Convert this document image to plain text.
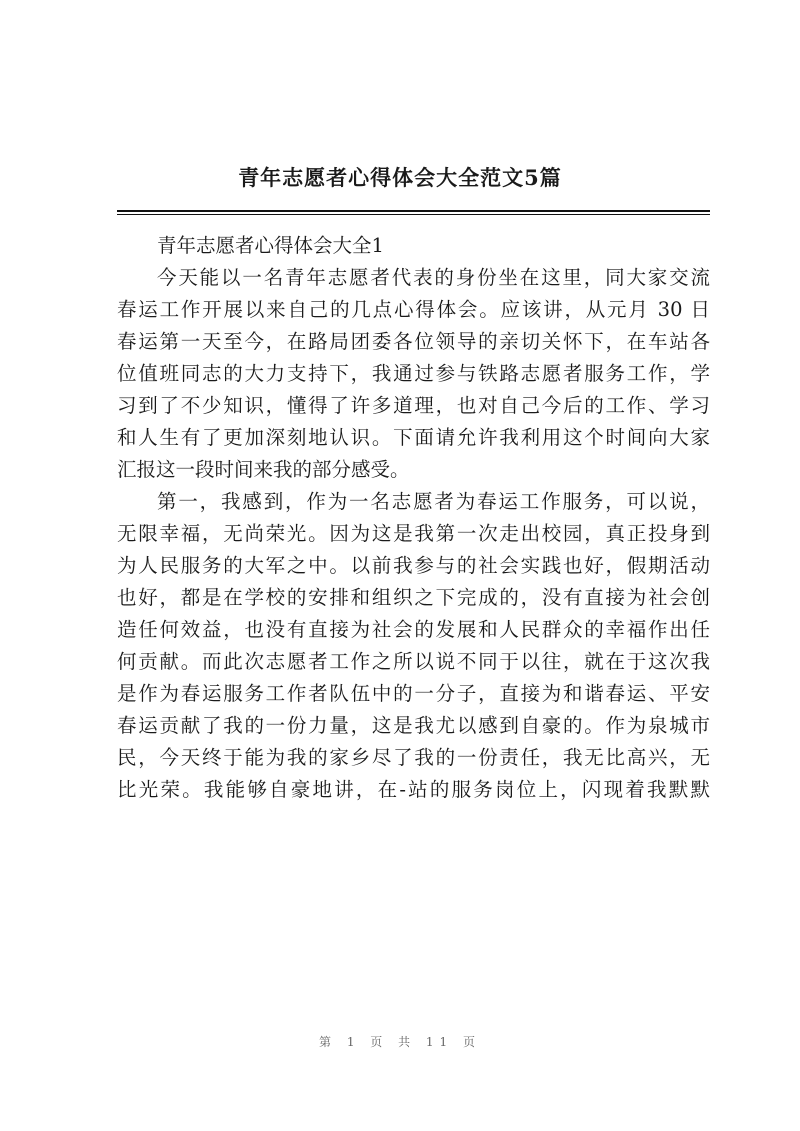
青年志愿者心得体会大全范文5篇
青年志愿者心得体会大全1
今天能以一名青年志愿者代表的身份坐在这里，同大家交流
春运工作开展以来自己的几点心得体会。应该讲，从元月 30 日
春运第一天至今，在路局团委各位领导的亲切关怀下，在车站各
位值班同志的大力支持下，我通过参与铁路志愿者服务工作，学
习到了不少知识，懂得了许多道理，也对自己今后的工作、学习
和人生有了更加深刻地认识。下面请允许我利用这个时间向大家
汇报这一段时间来我的部分感受。
第一，我感到，作为一名志愿者为春运工作服务，可以说，
无限幸福，无尚荣光。因为这是我第一次走出校园，真正投身到
为人民服务的大军之中。以前我参与的社会实践也好，假期活动
也好，都是在学校的安排和组织之下完成的，没有直接为社会创
造任何效益，也没有直接为社会的发展和人民群众的幸福作出任
何贡献。而此次志愿者工作之所以说不同于以往，就在于这次我
是作为春运服务工作者队伍中的一分子，直接为和谐春运、平安
春运贡献了我的一份力量，这是我尤以感到自豪的。作为泉城市
民，今天终于能为我的家乡尽了我的一份责任，我无比高兴，无
比光荣。我能够自豪地讲，在-站的服务岗位上，闪现着我默默
第 1 页 共 11 页
